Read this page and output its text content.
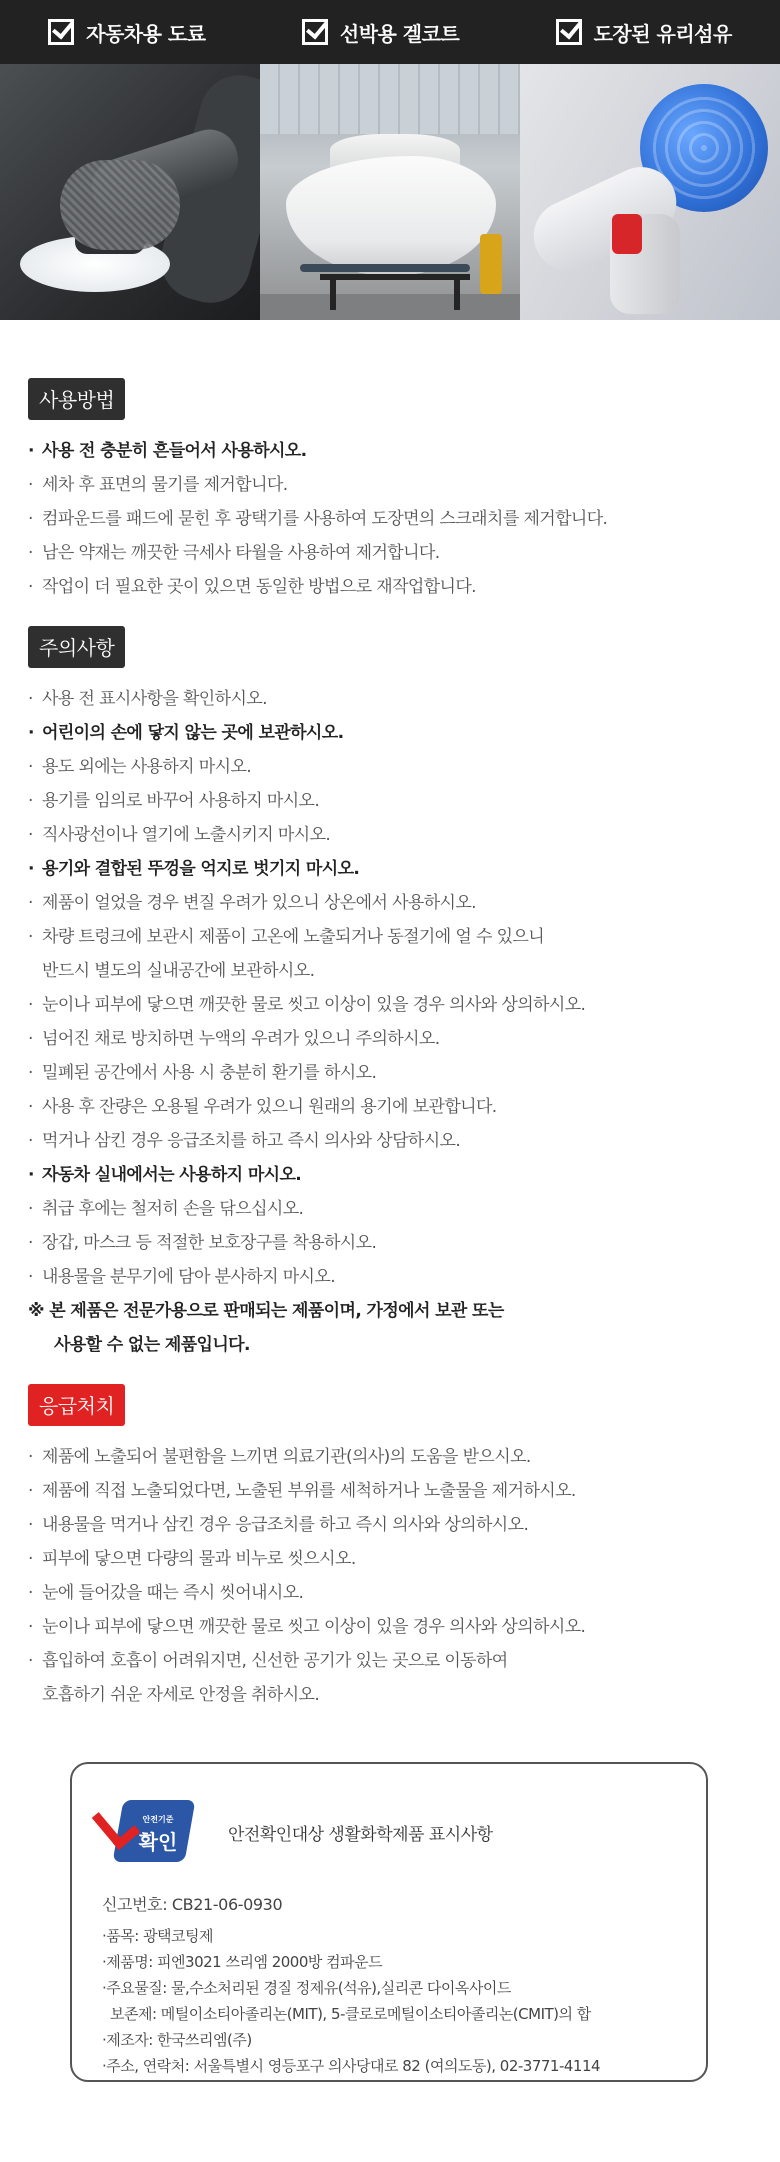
자동차용 도료	선박용 겔코트	도장된 유리섬유
사용방법
· 사용 전 충분히 흔들어서 사용하시오.
· 세차 후 표면의 물기를 제거합니다.
· 컴파운드를 패드에 묻힌 후 광택기를 사용하여 도장면의 스크래치를 제거합니다.
· 남은 약재는 깨끗한 극세사 타월을 사용하여 제거합니다.
· 작업이 더 필요한 곳이 있으면 동일한 방법으로 재작업합니다.
주의사항
· 사용 전 표시사항을 확인하시오.
· 어린이의 손에 닿지 않는 곳에 보관하시오.
· 용도 외에는 사용하지 마시오.
· 용기를 임의로 바꾸어 사용하지 마시오.
· 직사광선이나 열기에 노출시키지 마시오.
· 용기와 결합된 뚜껑을 억지로 벗기지 마시오.
· 제품이 얼었을 경우 변질 우려가 있으니 상온에서 사용하시오.
· 차량 트렁크에 보관시 제품이 고온에 노출되거나 동절기에 얼 수 있으니
반드시 별도의 실내공간에 보관하시오.
· 눈이나 피부에 닿으면 깨끗한 물로 씻고 이상이 있을 경우 의사와 상의하시오.
· 넘어진 채로 방치하면 누액의 우려가 있으니 주의하시오.
· 밀폐된 공간에서 사용 시 충분히 환기를 하시오.
· 사용 후 잔량은 오용될 우려가 있으니 원래의 용기에 보관합니다.
· 먹거나 삼킨 경우 응급조치를 하고 즉시 의사와 상담하시오.
· 자동차 실내에서는 사용하지 마시오.
· 취급 후에는 철저히 손을 닦으십시오.
· 장갑, 마스크 등 적절한 보호장구를 착용하시오.
· 내용물을 분무기에 담아 분사하지 마시오.
※ 본 제품은 전문가용으로 판매되는 제품이며, 가정에서 보관 또는
사용할 수 없는 제품입니다.
응급처치
· 제품에 노출되어 불편함을 느끼면 의료기관(의사)의 도움을 받으시오.
· 제품에 직접 노출되었다면, 노출된 부위를 세척하거나 노출물을 제거하시오.
· 내용물을 먹거나 삼킨 경우 응급조치를 하고 즉시 의사와 상의하시오.
· 피부에 닿으면 다량의 물과 비누로 씻으시오.
· 눈에 들어갔을 때는 즉시 씻어내시오.
· 눈이나 피부에 닿으면 깨끗한 물로 씻고 이상이 있을 경우 의사와 상의하시오.
· 흡입하여 호흡이 어려워지면, 신선한 공기가 있는 곳으로 이동하여
호흡하기 쉬운 자세로 안정을 취하시오.
안전기준
확인	안전확인대상 생활화학제품 표시사항
신고번호: CB21-06-0930
·품목: 광택코팅제
·제품명: 피엔3021 쓰리엠 2000방 컴파운드
·주요물질: 물,수소처리된 경질 정제유(석유),실리콘 다이옥사이드
보존제: 메틸이소티아졸리논(MIT), 5-클로로메틸이소티아졸리논(CMIT)의 합
·제조자: 한국쓰리엠(주)
·주소, 연락처: 서울특별시 영등포구 의사당대로 82 (여의도동), 02-3771-4114
